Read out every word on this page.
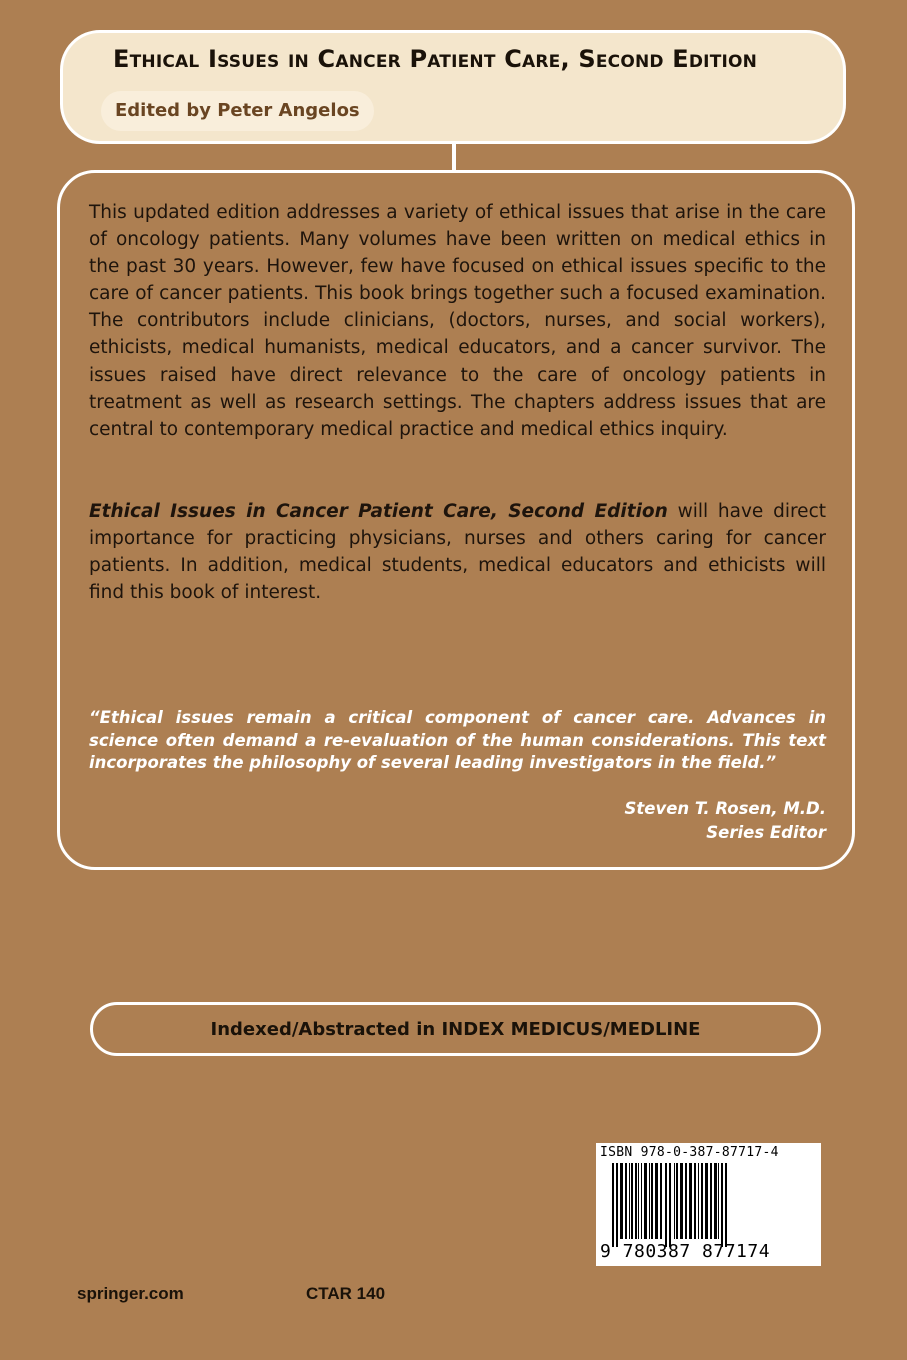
Ethical Issues in Cancer Patient Care, Second Edition
Edited by Peter Angelos

This updated edition addresses a variety of ethical issues that arise in the care of oncology patients. Many volumes have been written on medical ethics in the past 30 years. However, few have focused on ethical issues specific to the care of cancer patients. This book brings together such a focused examination. The contributors include clinicians, (doctors, nurses, and social workers), ethicists, medical humanists, medical educators, and a cancer survivor. The issues raised have direct relevance to the care of oncology patients in treatment as well as research settings. The chapters address issues that are central to contemporary medical practice and medical ethics inquiry.

Ethical Issues in Cancer Patient Care, Second Edition will have direct importance for practicing physicians, nurses and others caring for cancer patients. In addition, medical students, medical educators and ethicists will find this book of interest.

“Ethical issues remain a critical component of cancer care. Advances in science often demand a re-evaluation of the human considerations. This text incorporates the philosophy of several leading investigators in the field.”

Steven T. Rosen, M.D.
Series Editor
Indexed/Abstracted in INDEX MEDICUS/MEDLINE
ISBN 978-0-387-87717-4
9 780387 877174
springer.com	CTAR 140
